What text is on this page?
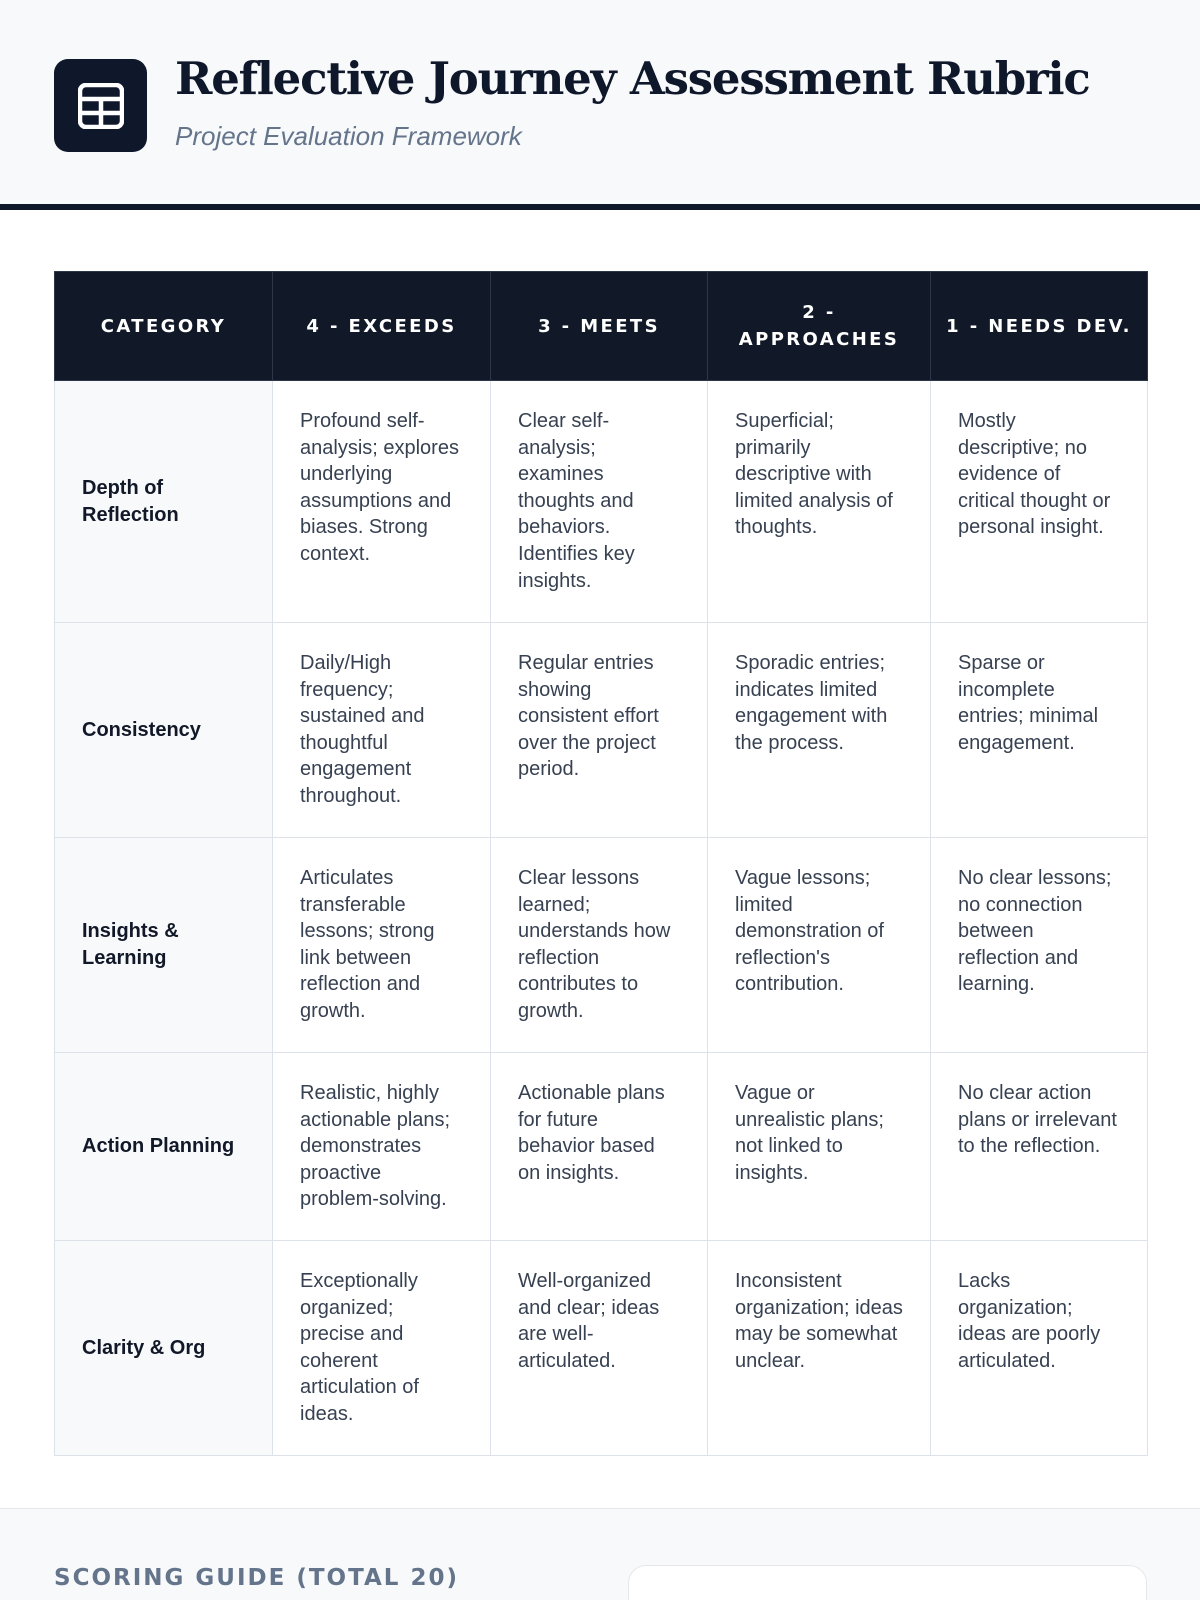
Reflective Journey Assessment Rubric
Project Evaluation Framework
CATEGORY	4 - EXCEEDS	3 - MEETS	2 - APPROACHES	1 - NEEDS DEV.
Depth of Reflection	Profound self-analysis; explores underlying assumptions and biases. Strong context.	Clear self-analysis; examines thoughts and behaviors. Identifies key insights.	Superficial; primarily descriptive with limited analysis of thoughts.	Mostly descriptive; no evidence of critical thought or personal insight.
Consistency	Daily/High frequency; sustained and thoughtful engagement throughout.	Regular entries showing consistent effort over the project period.	Sporadic entries; indicates limited engagement with the process.	Sparse or incomplete entries; minimal engagement.
Insights & Learning	Articulates transferable lessons; strong link between reflection and growth.	Clear lessons learned; understands how reflection contributes to growth.	Vague lessons; limited demonstration of reflection's contribution.	No clear lessons; no connection between reflection and learning.
Action Planning	Realistic, highly actionable plans; demonstrates proactive problem-solving.	Actionable plans for future behavior based on insights.	Vague or unrealistic plans; not linked to insights.	No clear action plans or irrelevant to the reflection.
Clarity & Org	Exceptionally organized; precise and coherent articulation of ideas.	Well-organized and clear; ideas are well-articulated.	Inconsistent organization; ideas may be somewhat unclear.	Lacks organization; ideas are poorly articulated.
SCORING GUIDE (TOTAL 20)
